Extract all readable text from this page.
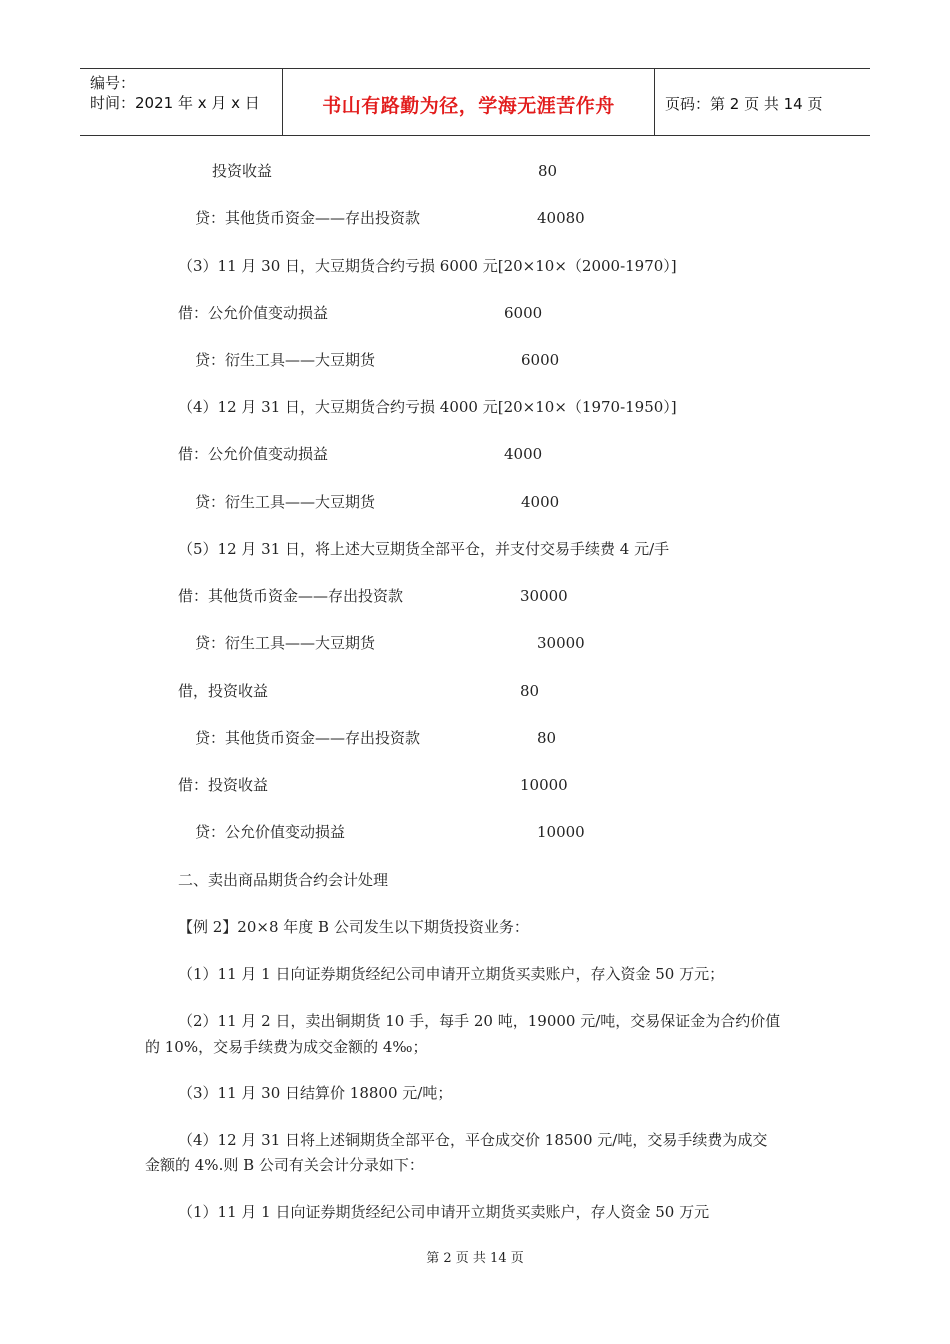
编号：
时间：2021 年 x 月 x 日	书山有路勤为径，学海无涯苦作舟	页码：第 2 页 共 14 页
投资收益	80
贷：其他货币资金——存出投资款	40080
（3）11 月 30 日，大豆期货合约亏损 6000 元[20×10×（2000-1970）]
借：公允价值变动损益	6000
贷：衍生工具——大豆期货	6000
（4）12 月 31 日，大豆期货合约亏损 4000 元[20×10×（1970-1950）]
借：公允价值变动损益	4000
贷：衍生工具——大豆期货	4000
（5）12 月 31 日，将上述大豆期货全部平仓，并支付交易手续费 4 元/手
借：其他货币资金——存出投资款	30000
贷：衍生工具——大豆期货	30000
借，投资收益	80
贷：其他货币资金——存出投资款	80
借：投资收益	10000
贷：公允价值变动损益	10000
二、卖出商品期货合约会计处理
【例 2】20×8 年度 B 公司发生以下期货投资业务：
（1）11 月 1 日向证券期货经纪公司申请开立期货买卖账户，存入资金 50 万元；
（2）11 月 2 日，卖出铜期货 10 手，每手 20 吨，19000 元/吨，交易保证金为合约价值
的 10%，交易手续费为成交金额的 4‰；
（3）11 月 30 日结算价 18800 元/吨；
（4）12 月 31 日将上述铜期货全部平仓，平仓成交价 18500 元/吨，交易手续费为成交
金额的 4%.则 B 公司有关会计分录如下：
（1）11 月 1 日向证券期货经纪公司申请开立期货买卖账户，存人资金 50 万元
第 2 页 共 14 页
